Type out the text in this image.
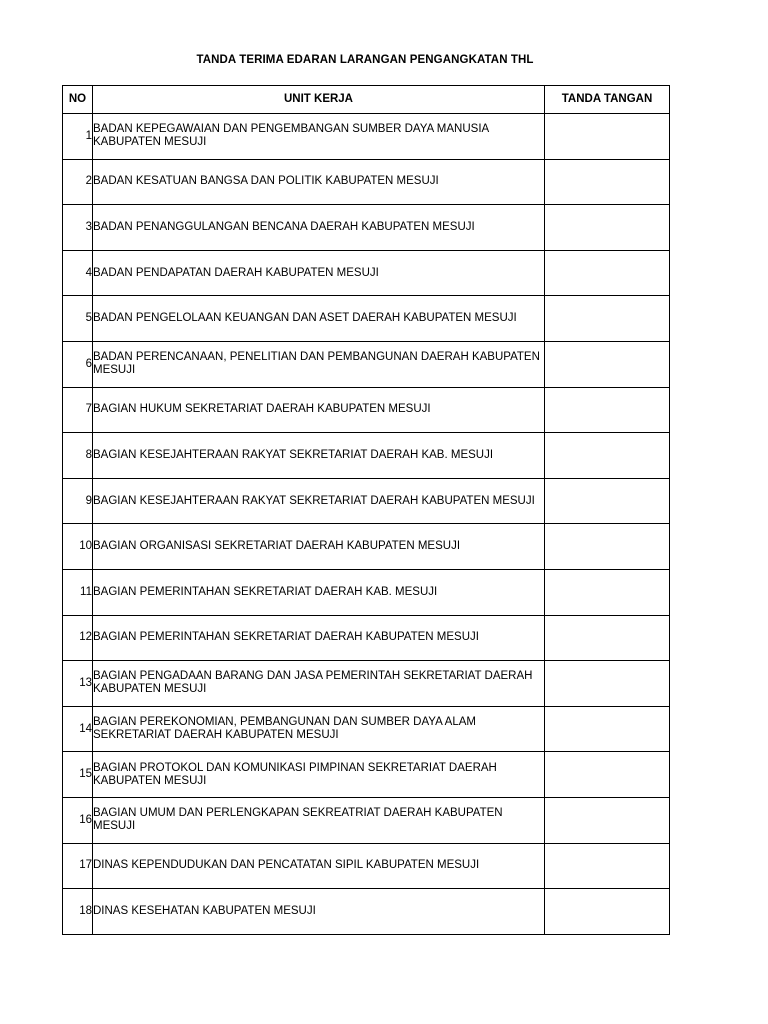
TANDA TERIMA EDARAN LARANGAN PENGANGKATAN THL
NO	UNIT KERJA	TANDA TANGAN
1	BADAN KEPEGAWAIAN DAN PENGEMBANGAN SUMBER DAYA MANUSIA KABUPATEN MESUJI	
2	BADAN KESATUAN BANGSA DAN POLITIK KABUPATEN MESUJI	
3	BADAN PENANGGULANGAN BENCANA DAERAH KABUPATEN MESUJI	
4	BADAN PENDAPATAN DAERAH KABUPATEN MESUJI	
5	BADAN PENGELOLAAN KEUANGAN DAN ASET DAERAH KABUPATEN MESUJI	
6	BADAN PERENCANAAN, PENELITIAN DAN PEMBANGUNAN DAERAH KABUPATEN MESUJI	
7	BAGIAN HUKUM SEKRETARIAT DAERAH KABUPATEN MESUJI	
8	BAGIAN KESEJAHTERAAN RAKYAT SEKRETARIAT DAERAH KAB. MESUJI	
9	BAGIAN KESEJAHTERAAN RAKYAT SEKRETARIAT DAERAH KABUPATEN MESUJI	
10	BAGIAN ORGANISASI SEKRETARIAT DAERAH KABUPATEN MESUJI	
11	BAGIAN PEMERINTAHAN SEKRETARIAT DAERAH KAB. MESUJI	
12	BAGIAN PEMERINTAHAN SEKRETARIAT DAERAH KABUPATEN MESUJI	
13	BAGIAN PENGADAAN BARANG DAN JASA PEMERINTAH SEKRETARIAT DAERAH KABUPATEN MESUJI	
14	BAGIAN PEREKONOMIAN, PEMBANGUNAN DAN SUMBER DAYA ALAM SEKRETARIAT DAERAH KABUPATEN MESUJI	
15	BAGIAN PROTOKOL DAN KOMUNIKASI PIMPINAN SEKRETARIAT DAERAH KABUPATEN MESUJI	
16	BAGIAN UMUM DAN PERLENGKAPAN SEKREATRIAT DAERAH KABUPATEN MESUJI	
17	DINAS KEPENDUDUKAN DAN PENCATATAN SIPIL KABUPATEN MESUJI	
18	DINAS KESEHATAN KABUPATEN MESUJI	
